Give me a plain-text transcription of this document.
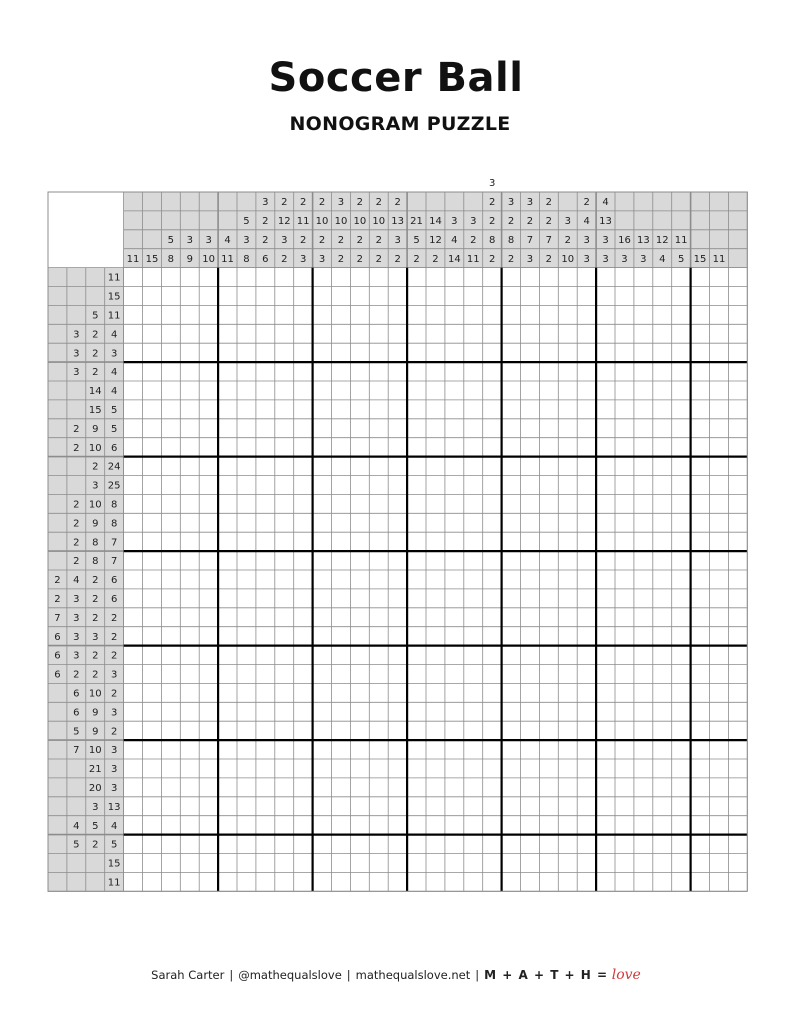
Soccer Ball
NONOGRAM PUZZLE
11 15
5
8
3
9
3
10
4
11
5
3
8
3
2
2
6
2
12
3
2
2
11
2
3
2
10
2
3
3
10
2
2
2
10
2
2
2
10
2
2
2
13
3
2
21
5
2
14
12
2
3
4
14
3
2
11
3
2
2
8
2
3
2
8
2
3
2
7
3
2
2
7
2
3
2
10
2
4
3
3
4
13
3
3
16
3
13
3
12
4
11
5 15 11
11
15
5 11
3 2 4
3 2 3
3 2 4
14 4
15 5
2 9 5
2 10 6
2 24
3 25
2 10 8
2 9 8
2 8 7
2 8 7
2 4 2 6
2 3 2 6
7 3 2 2
6 3 3 2
6 3 2 2
6 2 2 3
6 10 2
6 9 3
5 9 2
7 10 3
21 3
20 3
3 13
4 5 4
5 2 5
15
11
Sarah Carter | @mathequalslove | mathequalslove.net | M + A + T + H = love
